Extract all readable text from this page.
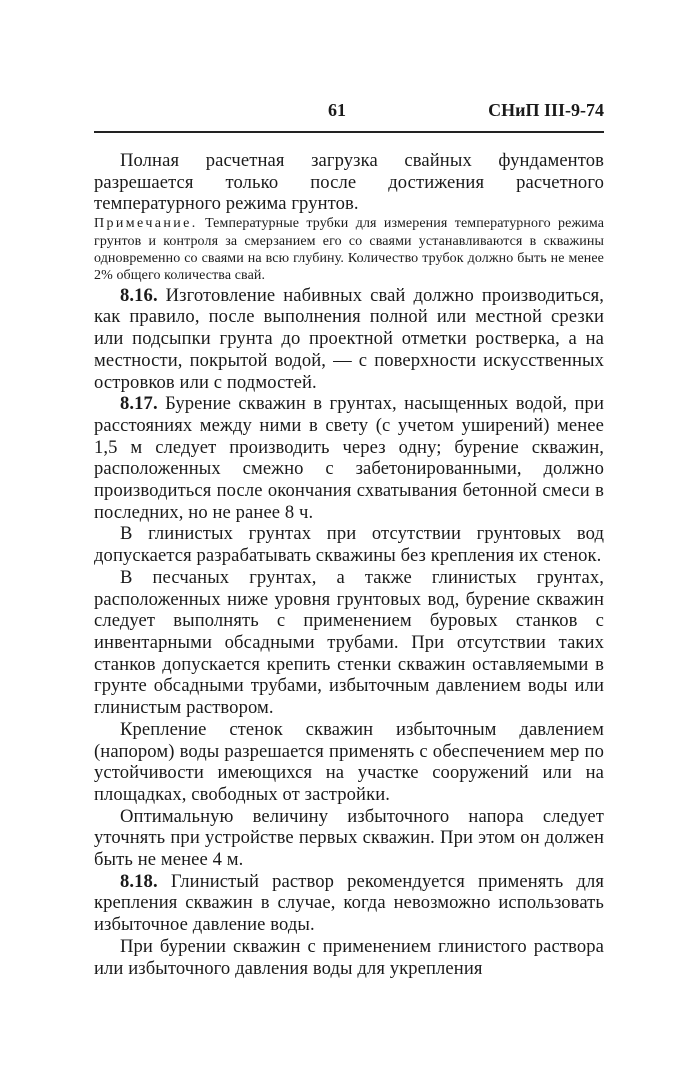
61	СНиП III-9-74

Полная расчетная загрузка свайных фундаментов разрешается только после достижения расчетного температурного режима грунтов.

Примечание. Температурные трубки для измерения температурного режима грунтов и контроля за смерзанием его со сваями устанавливаются в скважины одновременно со сваями на всю глубину. Количество трубок должно быть не менее 2% общего количества свай.

8.16. Изготовление набивных свай должно производиться, как правило, после выполнения полной или местной срезки или подсыпки грунта до проектной отметки ростверка, а на местности, покрытой водой, — с поверхности искусственных островков или с подмостей.

8.17. Бурение скважин в грунтах, насыщенных водой, при расстояниях между ними в свету (с учетом уширений) менее 1,5 м следует производить через одну; бурение скважин, расположенных смежно с забетонированными, должно производиться после окончания схватывания бетонной смеси в последних, но не ранее 8 ч.

В глинистых грунтах при отсутствии грунтовых вод допускается разрабатывать скважины без крепления их стенок.

В песчаных грунтах, а также глинистых грунтах, расположенных ниже уровня грунтовых вод, бурение скважин следует выполнять с применением буровых станков с инвентарными обсадными трубами. При отсутствии таких станков допускается крепить стенки скважин оставляемыми в грунте обсадными трубами, избыточным давлением воды или глинистым раствором.

Крепление стенок скважин избыточным давлением (напором) воды разрешается применять с обеспечением мер по устойчивости имеющихся на участке сооружений или на площадках, свободных от застройки.

Оптимальную величину избыточного напора следует уточнять при устройстве первых скважин. При этом он должен быть не менее 4 м.

8.18. Глинистый раствор рекомендуется применять для крепления скважин в случае, когда невозможно использовать избыточное давление воды.

При бурении скважин с применением глинистого раствора или избыточного давления воды для укрепления
